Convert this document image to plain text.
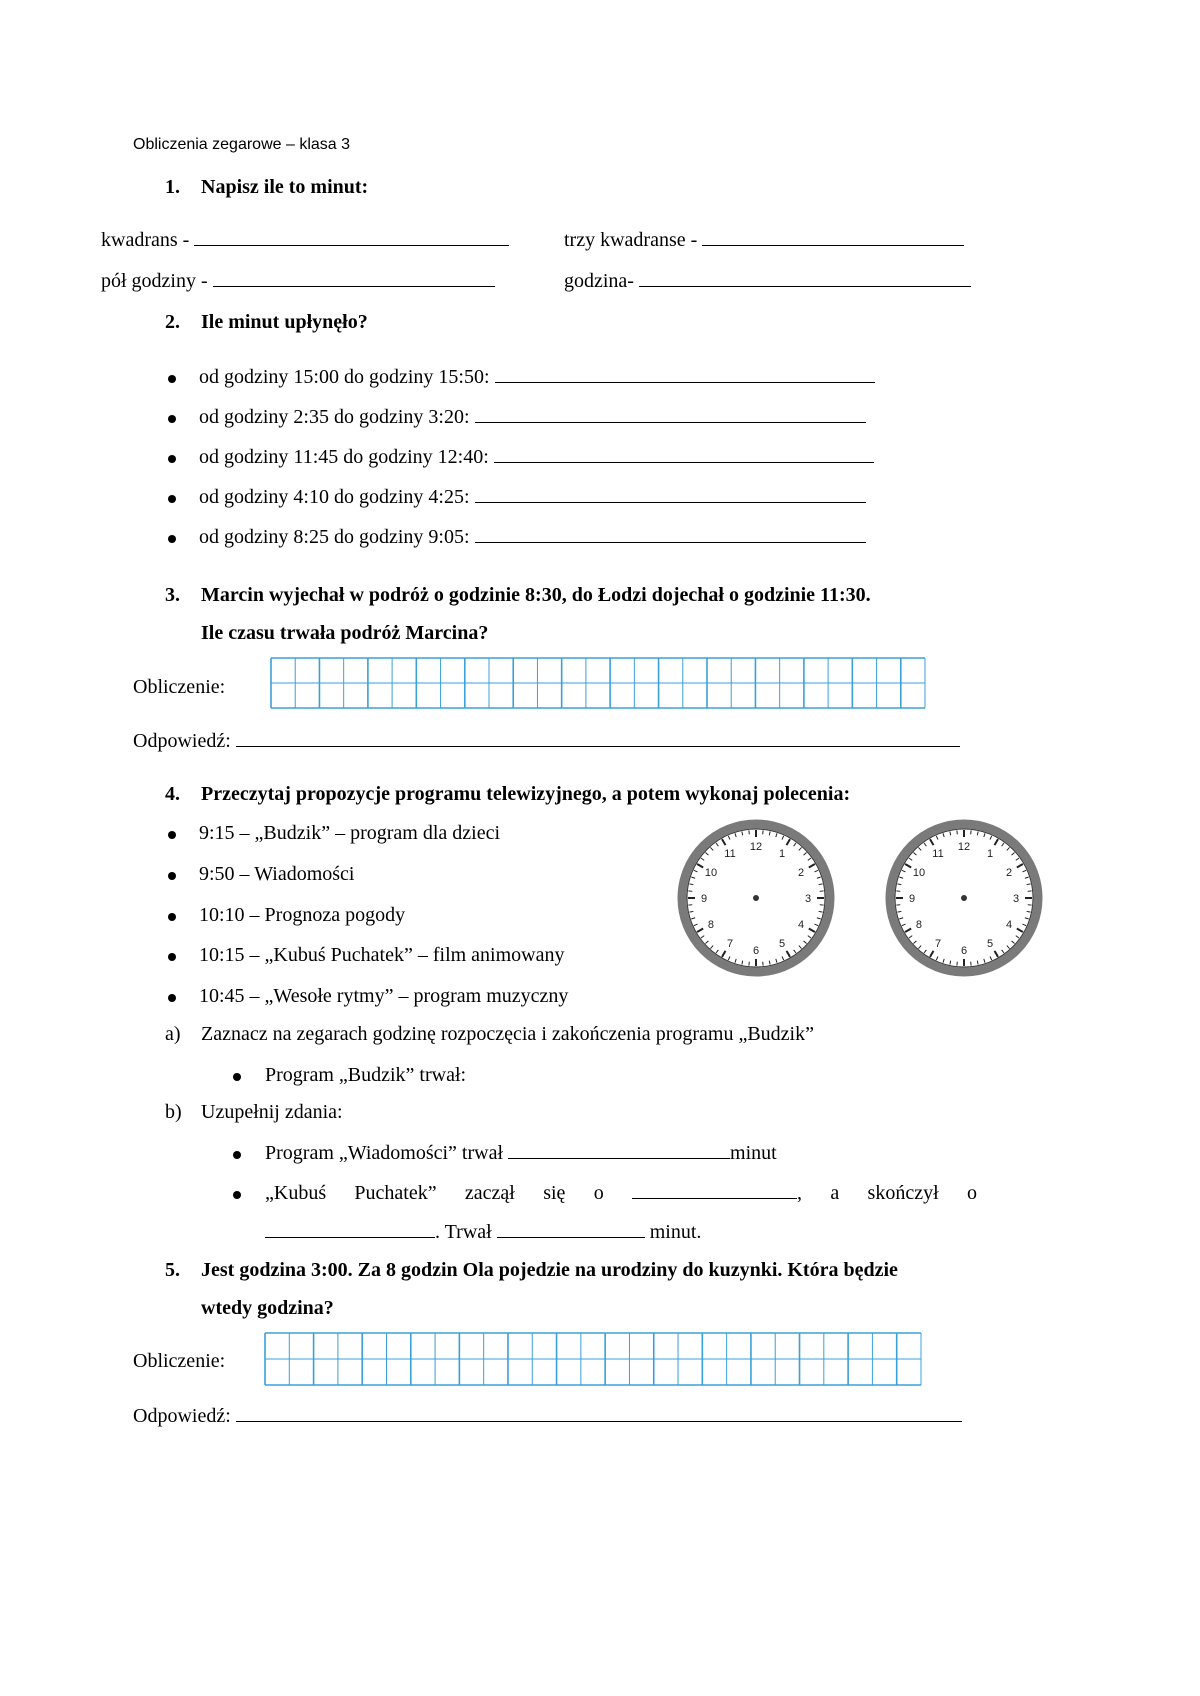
Obliczenia zegarowe – klasa 3
1. Napisz ile to minut:
kwadrans -	trzy kwadranse -
pół godziny -	godzina-
2. Ile minut upłynęło?
od godziny 15:00 do godziny 15:50:
od godziny 2:35 do godziny 3:20:
od godziny 11:45 do godziny 12:40:
od godziny 4:10 do godziny 4:25:
od godziny 8:25 do godziny 9:05:
3. Marcin wyjechał w podróż o godzinie 8:30, do Łodzi dojechał o godzinie 11:30.
Ile czasu trwała podróż Marcina?
Obliczenie:
Odpowiedź:
4. Przeczytaj propozycje programu telewizyjnego, a potem wykonaj polecenia:
9:15 – „Budzik” – program dla dzieci
9:50 – Wiadomości
10:10 – Prognoza pogody
10:15 – „Kubuś Puchatek” – film animowany
10:45 – „Wesołe rytmy” – program muzyczny
12
1
2
3
4
5
6
7
8
9
10
11
12
1
2
3
4
5
6
7
8
9
10
11
a) Zaznacz na zegarach godzinę rozpoczęcia i zakończenia programu „Budzik”
Program „Budzik” trwał:
b) Uzupełnij zdania:
Program „Wiadomości” trwał	minut
„Kubuś Puchatek” zaczął się o	, a skończył o
. Trwał	minut.
5. Jest godzina 3:00. Za 8 godzin Ola pojedzie na urodziny do kuzynki. Która będzie
wtedy godzina?
Obliczenie:
Odpowiedź:
